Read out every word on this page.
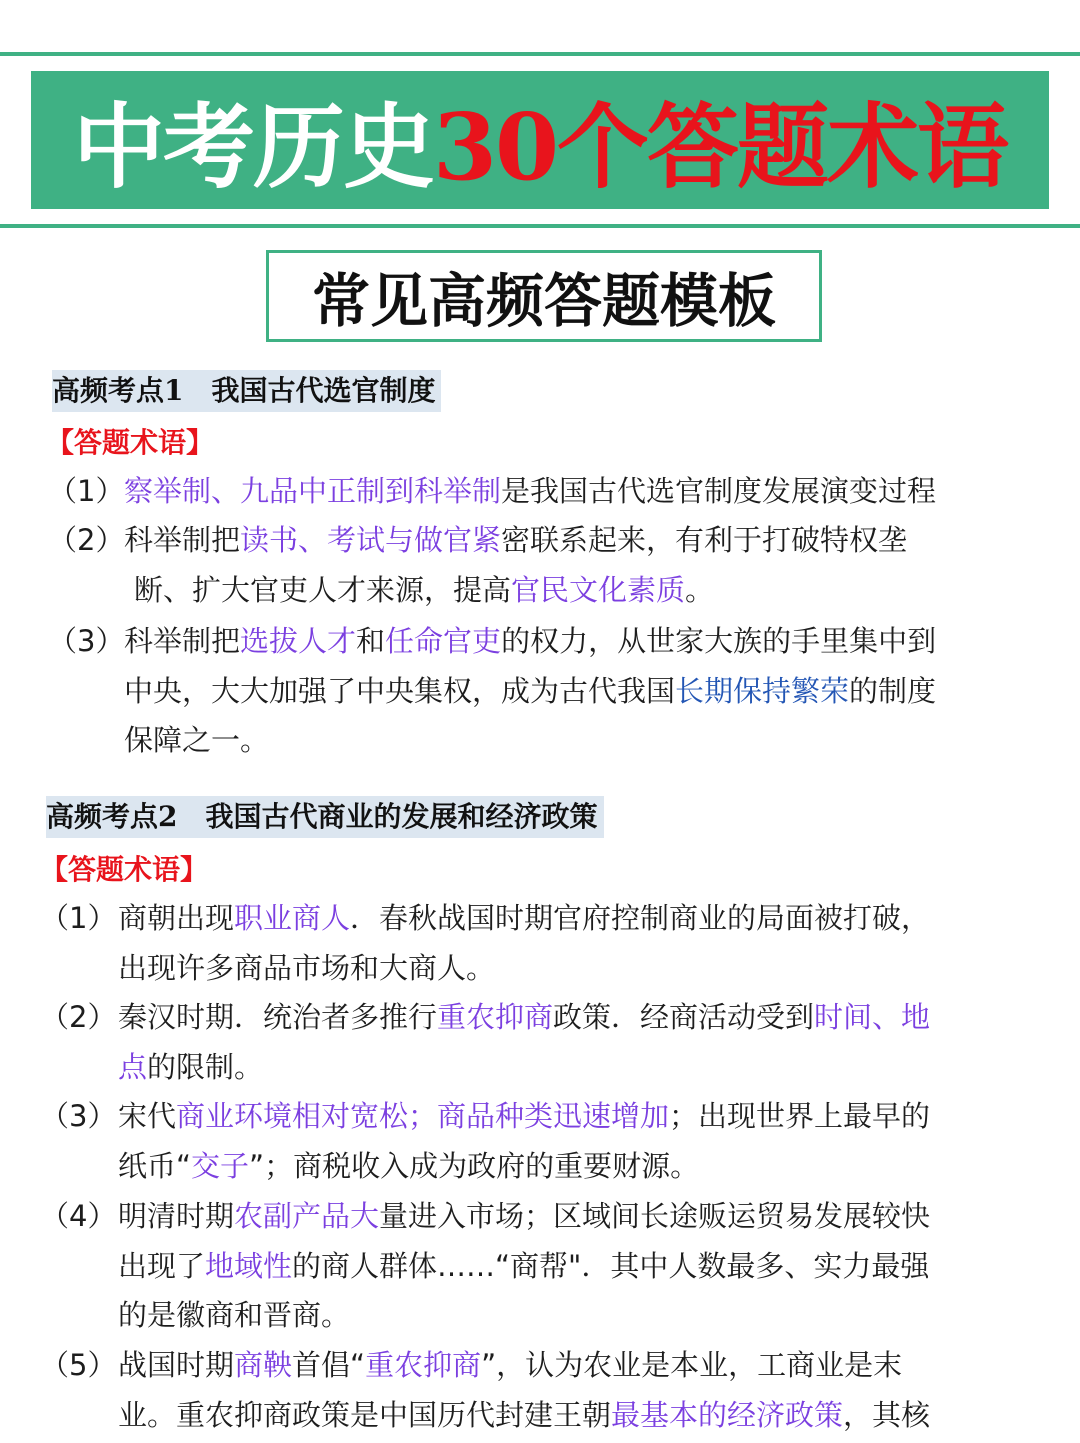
中考历史 30个答题术语
常见高频答题模板
高频考点1　我国古代选官制度
【答题术语】
（1） 察举制、九品中正制到科举制是我国古代选官制度发展演变过程
（2） 科举制把读书、考试与做官紧密联系起来，有利于打破特权垄
断、扩大官吏人才来源，提高官民文化素质。
（3） 科举制把选拔人才和任命官吏的权力，从世家大族的手里集中到
中央，大大加强了中央集权，成为古代我国长期保持繁荣的制度
保障之一。
高频考点2　我国古代商业的发展和经济政策
【答题术语】
（1） 商朝出现职业商人．春秋战国时期官府控制商业的局面被打破，
出现许多商品市场和大商人。
（2） 秦汉时期．统治者多推行重农抑商政策．经商活动受到时间、地
点的限制。
（3） 宋代商业环境相对宽松；商品种类迅速增加；出现世界上最早的
纸币“交子”；商税收入成为政府的重要财源。
（4） 明清时期农副产品大量进入市场；区域间长途贩运贸易发展较快
出现了地域性的商人群体……“商帮"．其中人数最多、实力最强
的是徽商和晋商。
（5） 战国时期商鞅首倡“重农抑商”，认为农业是本业，工商业是末
业。重农抑商政策是中国历代封建王朝最基本的经济政策，其核
